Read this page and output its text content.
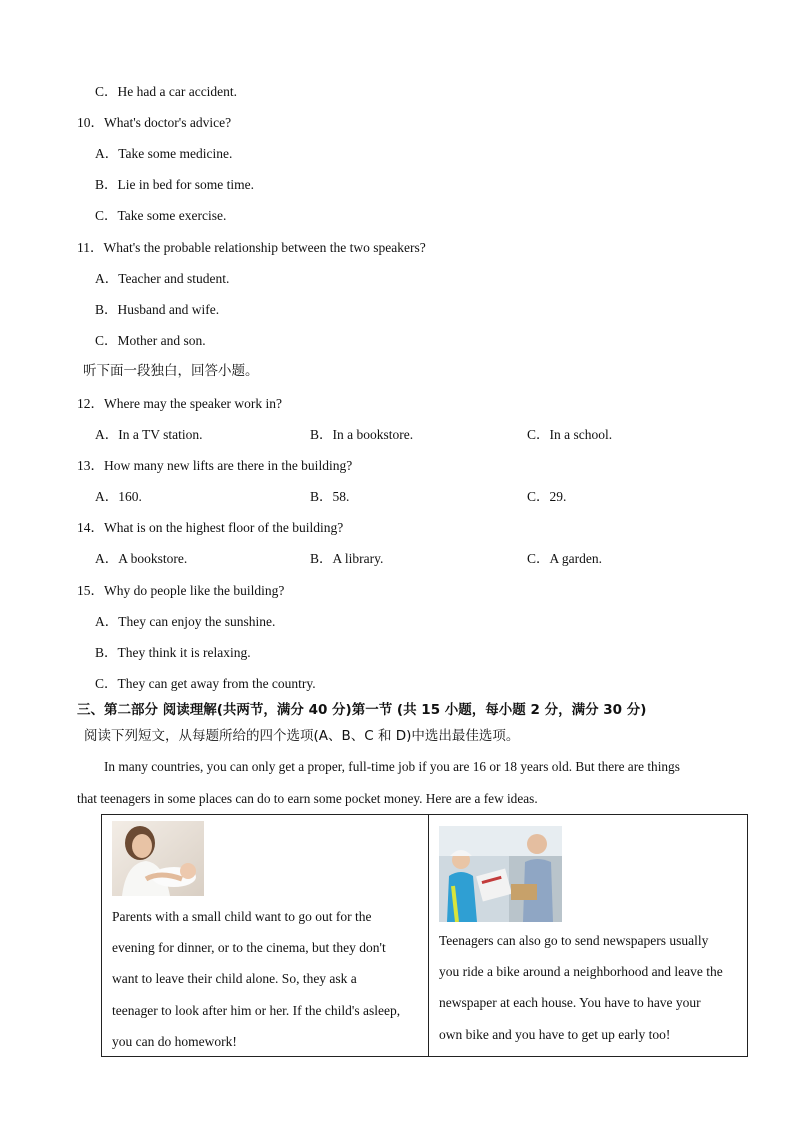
C．He had a car accident.
10．What's doctor's advice?
A．Take some medicine.
B．Lie in bed for some time.
C．Take some exercise.
11．What's the probable relationship between the two speakers?
A．Teacher and student.
B．Husband and wife.
C．Mother and son.
听下面一段独白，回答小题。
12．Where may the speaker work in?
A．In a TV station.	B．In a bookstore.	C．In a school.
13．How many new lifts are there in the building?
A．160.	B．58.	C．29.
14．What is on the highest floor of the building?
A．A bookstore.	B．A library.	C．A garden.
15．Why do people like the building?
A．They can enjoy the sunshine.
B．They think it is relaxing.
C．They can get away from the country.
三、第二部分 阅读理解(共两节，满分 40 分)第一节 (共 15 小题，每小题 2 分，满分 30 分)
阅读下列短文，从每题所给的四个选项(A、B、C 和 D)中选出最佳选项。
In many countries, you can only get a proper, full-time job if you are 16 or 18 years old. But there are things
that teenagers in some places can do to earn some pocket money. Here are a few ideas.
Parents with a small child want to go out for the
evening for dinner, or to the cinema, but they don't
want to leave their child alone. So, they ask a
teenager to look after him or her. If the child's asleep,
you can do homework!

Teenagers can also go to send newspapers usually
you ride a bike around a neighborhood and leave the
newspaper at each house. You have to have your
own bike and you have to get up early too!
